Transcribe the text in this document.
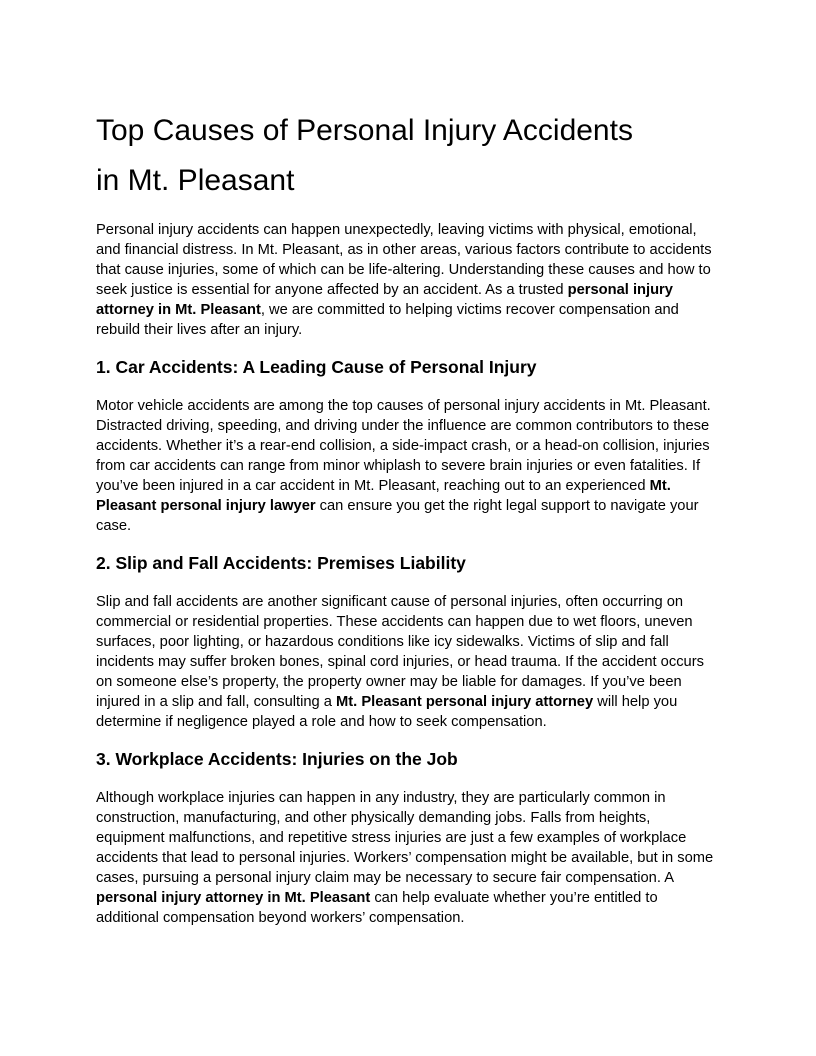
Top Causes of Personal Injury Accidents
in Mt. Pleasant

Personal injury accidents can happen unexpectedly, leaving victims with physical, emotional, and financial distress. In Mt. Pleasant, as in other areas, various factors contribute to accidents that cause injuries, some of which can be life-altering. Understanding these causes and how to seek justice is essential for anyone affected by an accident. As a trusted personal injury attorney in Mt. Pleasant, we are committed to helping victims recover compensation and rebuild their lives after an injury.

1. Car Accidents: A Leading Cause of Personal Injury

Motor vehicle accidents are among the top causes of personal injury accidents in Mt. Pleasant. Distracted driving, speeding, and driving under the influence are common contributors to these accidents. Whether it’s a rear-end collision, a side-impact crash, or a head-on collision, injuries from car accidents can range from minor whiplash to severe brain injuries or even fatalities. If you’ve been injured in a car accident in Mt. Pleasant, reaching out to an experienced Mt. Pleasant personal injury lawyer can ensure you get the right legal support to navigate your case.

2. Slip and Fall Accidents: Premises Liability

Slip and fall accidents are another significant cause of personal injuries, often occurring on commercial or residential properties. These accidents can happen due to wet floors, uneven surfaces, poor lighting, or hazardous conditions like icy sidewalks. Victims of slip and fall incidents may suffer broken bones, spinal cord injuries, or head trauma. If the accident occurs on someone else’s property, the property owner may be liable for damages. If you’ve been injured in a slip and fall, consulting a Mt. Pleasant personal injury attorney will help you determine if negligence played a role and how to seek compensation.

3. Workplace Accidents: Injuries on the Job

Although workplace injuries can happen in any industry, they are particularly common in construction, manufacturing, and other physically demanding jobs. Falls from heights, equipment malfunctions, and repetitive stress injuries are just a few examples of workplace accidents that lead to personal injuries. Workers’ compensation might be available, but in some cases, pursuing a personal injury claim may be necessary to secure fair compensation. A personal injury attorney in Mt. Pleasant can help evaluate whether you’re entitled to additional compensation beyond workers’ compensation.
